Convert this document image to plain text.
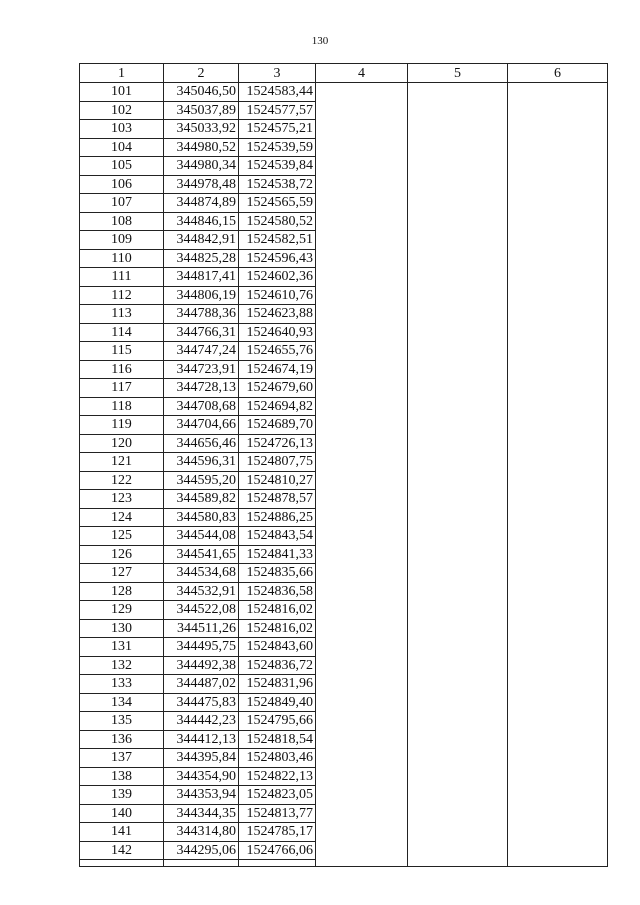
130
1	2	3	4	5	6
101	345046,50	1524583,44			
102	345037,89	1524577,57			
103	345033,92	1524575,21			
104	344980,52	1524539,59			
105	344980,34	1524539,84			
106	344978,48	1524538,72			
107	344874,89	1524565,59			
108	344846,15	1524580,52			
109	344842,91	1524582,51			
110	344825,28	1524596,43			
111	344817,41	1524602,36			
112	344806,19	1524610,76			
113	344788,36	1524623,88			
114	344766,31	1524640,93			
115	344747,24	1524655,76			
116	344723,91	1524674,19			
117	344728,13	1524679,60			
118	344708,68	1524694,82			
119	344704,66	1524689,70			
120	344656,46	1524726,13			
121	344596,31	1524807,75			
122	344595,20	1524810,27			
123	344589,82	1524878,57			
124	344580,83	1524886,25			
125	344544,08	1524843,54			
126	344541,65	1524841,33			
127	344534,68	1524835,66			
128	344532,91	1524836,58			
129	344522,08	1524816,02			
130	344511,26	1524816,02			
131	344495,75	1524843,60			
132	344492,38	1524836,72			
133	344487,02	1524831,96			
134	344475,83	1524849,40			
135	344442,23	1524795,66			
136	344412,13	1524818,54			
137	344395,84	1524803,46			
138	344354,90	1524822,13			
139	344353,94	1524823,05			
140	344344,35	1524813,77			
141	344314,80	1524785,17			
142	344295,06	1524766,06			
